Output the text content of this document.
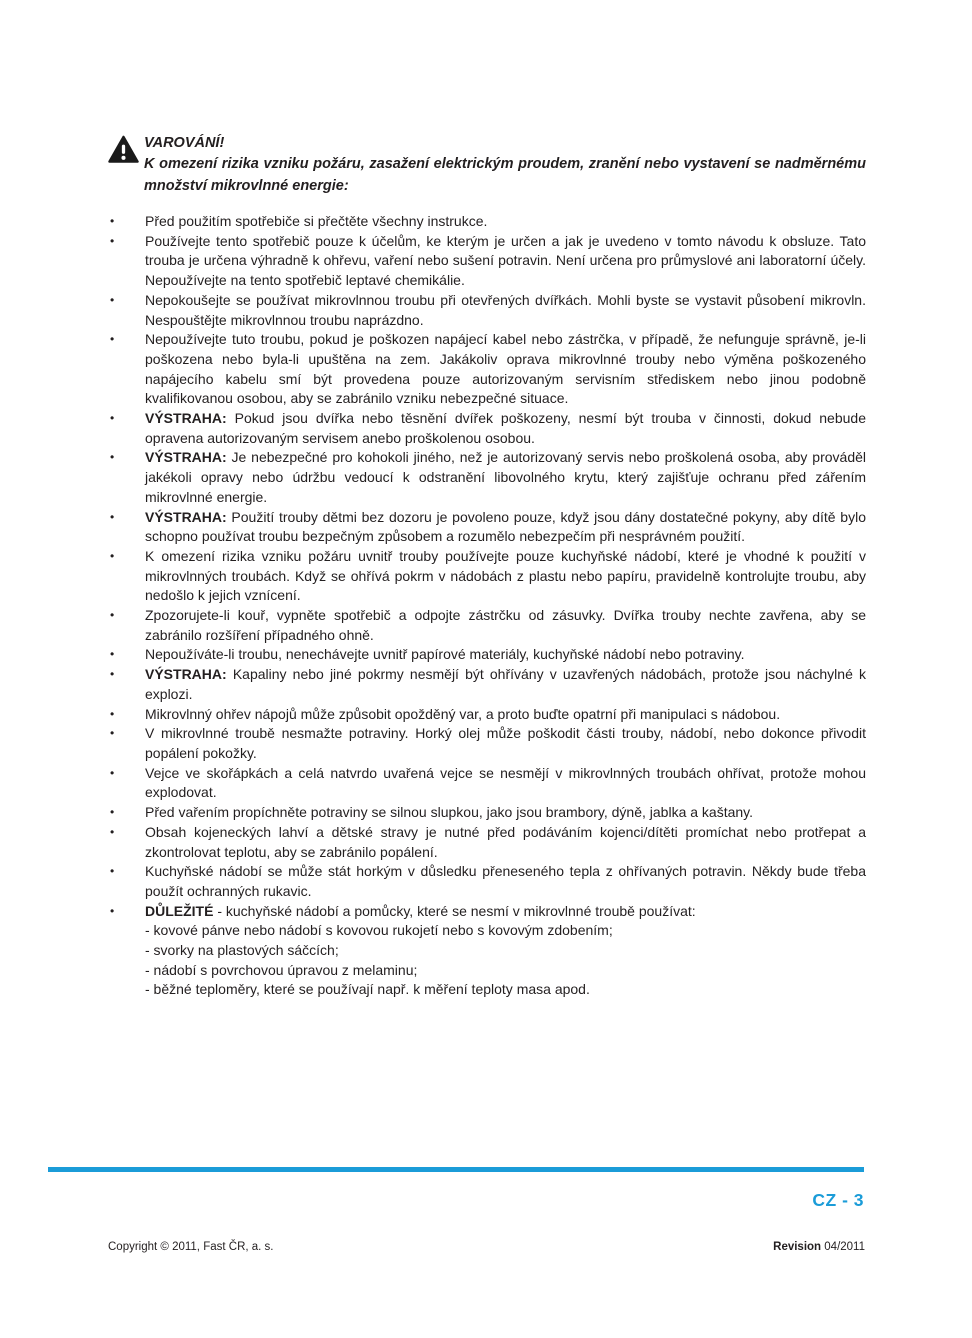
VAROVÁNÍ!
K omezení rizika vzniku požáru, zasažení elektrickým proudem, zranění nebo vystavení se nadměrnému množství mikrovlnné energie:
•	Před použitím spotřebiče si přečtěte všechny instrukce.
•	Používejte tento spotřebič pouze k účelům, ke kterým je určen a jak je uvedeno v tomto návodu k obsluze. Tato trouba je určena výhradně k ohřevu, vaření nebo sušení potravin. Není určena pro průmyslové ani laboratorní účely. Nepoužívejte na tento spotřebič leptavé chemikálie.
•	Nepokoušejte se používat mikrovlnnou troubu při otevřených dvířkách. Mohli byste se vystavit působení mikrovln. Nespouštějte mikrovlnnou troubu naprázdno.
•	Nepoužívejte tuto troubu, pokud je poškozen napájecí kabel nebo zástrčka, v případě, že nefunguje správně, je-li poškozena nebo byla-li upuštěna na zem. Jakákoliv oprava mikrovlnné trouby nebo výměna poškozeného napájecího kabelu smí být provedena pouze autorizovaným servisním střediskem nebo jinou podobně kvalifikovanou osobou, aby se zabránilo vzniku nebezpečné situace.
•	VÝSTRAHA: Pokud jsou dvířka nebo těsnění dvířek poškozeny, nesmí být trouba v činnosti, dokud nebude opravena autorizovaným servisem anebo proškolenou osobou.
•	VÝSTRAHA: Je nebezpečné pro kohokoli jiného, než je autorizovaný servis nebo proškolená osoba, aby prováděl jakékoli opravy nebo údržbu vedoucí k odstranění libovolného krytu, který zajišťuje ochranu před zářením mikrovlnné energie.
•	VÝSTRAHA: Použití trouby dětmi bez dozoru je povoleno pouze, když jsou dány dostatečné pokyny, aby dítě bylo schopno používat troubu bezpečným způsobem a rozumělo nebezpečím při nesprávném použití.
•	K omezení rizika vzniku požáru uvnitř trouby používejte pouze kuchyňské nádobí, které je vhodné k použití v mikrovlnných troubách. Když se ohřívá pokrm v nádobách z plastu nebo papíru, pravidelně kontrolujte troubu, aby nedošlo k jejich vznícení.
•	Zpozorujete-li kouř, vypněte spotřebič a odpojte zástrčku od zásuvky. Dvířka trouby nechte zavřena, aby se zabránilo rozšíření případného ohně.
•	Nepoužíváte-li troubu, nenechávejte uvnitř papírové materiály, kuchyňské nádobí nebo potraviny.
•	VÝSTRAHA: Kapaliny nebo jiné pokrmy nesmějí být ohřívány v uzavřených nádobách, protože jsou náchylné k explozi.
•	Mikrovlnný ohřev nápojů může způsobit opožděný var, a proto buďte opatrní při manipulaci s nádobou.
•	V mikrovlnné troubě nesmažte potraviny. Horký olej může poškodit části trouby, nádobí, nebo dokonce přivodit popálení pokožky.
•	Vejce ve skořápkách a celá natvrdo uvařená vejce se nesmějí v mikrovlnných troubách ohřívat, protože mohou explodovat.
•	Před vařením propíchněte potraviny se silnou slupkou, jako jsou brambory, dýně, jablka a kaštany.
•	Obsah kojeneckých lahví a dětské stravy je nutné před podáváním kojenci/dítěti promíchat nebo protřepat a zkontrolovat teplotu, aby se zabránilo popálení.
•	Kuchyňské nádobí se může stát horkým v důsledku přeneseného tepla z ohřívaných potravin. Někdy bude třeba použít ochranných rukavic.
•	DŮLEŽITÉ - kuchyňské nádobí a pomůcky, které se nesmí v mikrovlnné troubě používat:
- kovové pánve nebo nádobí s kovovou rukojetí nebo s kovovým zdobením;
- svorky na plastových sáčcích;
- nádobí s povrchovou úpravou z melaminu;
- běžné teploměry, které se používají např. k měření teploty masa apod.
CZ - 3
Copyright © 2011, Fast ČR, a. s.	Revision 04/2011
